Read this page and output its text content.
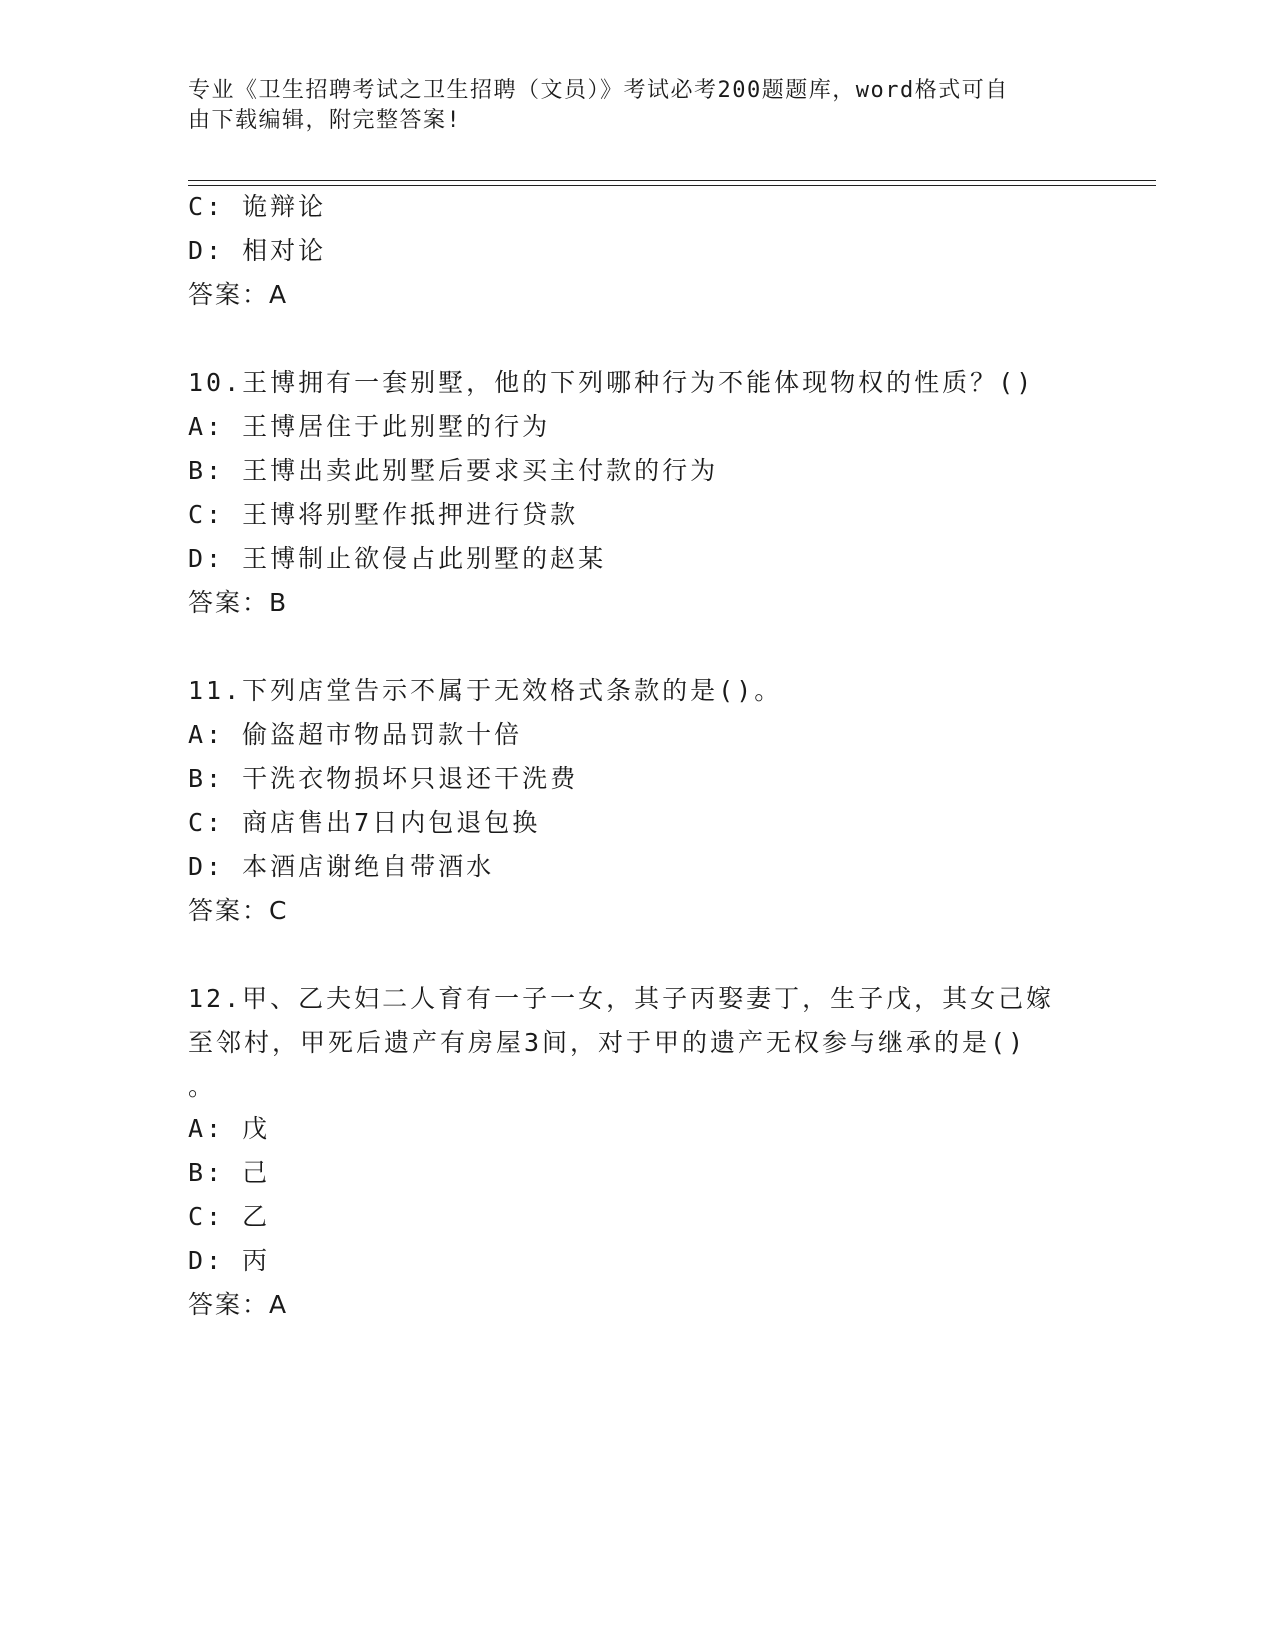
专业《卫生招聘考试之卫生招聘（文员）》考试必考200题题库，word格式可自
由下载编辑，附完整答案!
C: 诡辩论
D: 相对论
答案：A
10.王博拥有一套别墅，他的下列哪种行为不能体现物权的性质？()
A: 王博居住于此别墅的行为
B: 王博出卖此别墅后要求买主付款的行为
C: 王博将别墅作抵押进行贷款
D: 王博制止欲侵占此别墅的赵某
答案：B
11.下列店堂告示不属于无效格式条款的是()。
A: 偷盗超市物品罚款十倍
B: 干洗衣物损坏只退还干洗费
C: 商店售出7日内包退包换
D: 本酒店谢绝自带酒水
答案：C
12.甲、乙夫妇二人育有一子一女，其子丙娶妻丁，生子戊，其女己嫁
至邻村，甲死后遗产有房屋3间，对于甲的遗产无权参与继承的是()
。
A: 戊
B: 己
C: 乙
D: 丙
答案：A
